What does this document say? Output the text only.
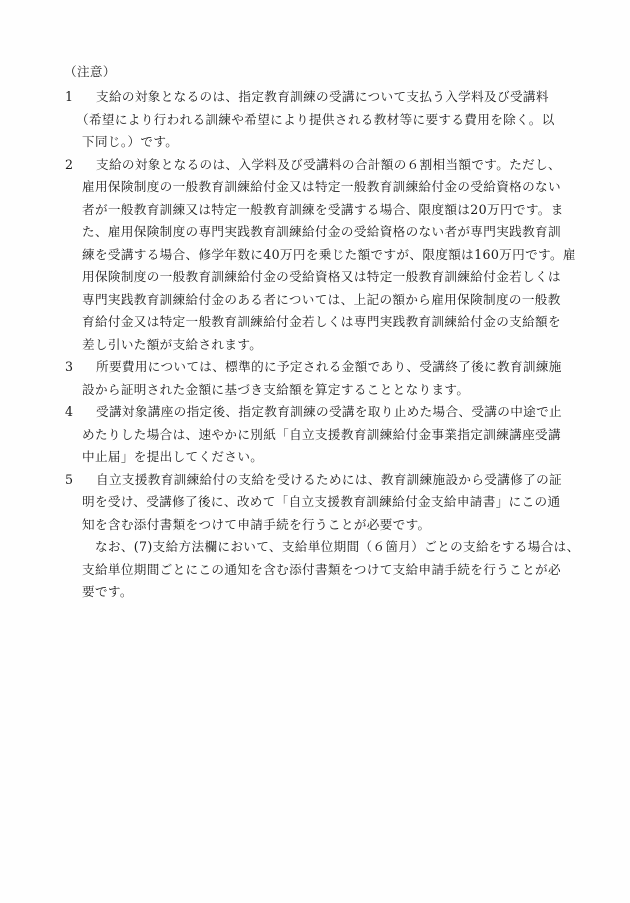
（注意）
1 支給の対象となるのは、指定教育訓練の受講について支払う入学料及び受講料
（希望により行われる訓練や希望により提供される教材等に要する費用を除く。以
下同じ。）です。
2 支給の対象となるのは、入学料及び受講料の合計額の６割相当額です。ただし、
雇用保険制度の一般教育訓練給付金又は特定一般教育訓練給付金の受給資格のない
者が一般教育訓練又は特定一般教育訓練を受講する場合、限度額は20万円です。ま
た、雇用保険制度の専門実践教育訓練給付金の受給資格のない者が専門実践教育訓
練を受講する場合、修学年数に40万円を乗じた額ですが、限度額は160万円です。雇
用保険制度の一般教育訓練給付金の受給資格又は特定一般教育訓練給付金若しくは
専門実践教育訓練給付金のある者については、上記の額から雇用保険制度の一般教
育給付金又は特定一般教育訓練給付金若しくは専門実践教育訓練給付金の支給額を
差し引いた額が支給されます。
3 所要費用については、標準的に予定される金額であり、受講終了後に教育訓練施
設から証明された金額に基づき支給額を算定することとなります。
4 受講対象講座の指定後、指定教育訓練の受講を取り止めた場合、受講の中途で止
めたりした場合は、速やかに別紙「自立支援教育訓練給付金事業指定訓練講座受講
中止届」を提出してください。
5 自立支援教育訓練給付の支給を受けるためには、教育訓練施設から受講修了の証
明を受け、受講修了後に、改めて「自立支援教育訓練給付金支給申請書」にこの通
知を含む添付書類をつけて申請手続を行うことが必要です。
　なお、(7)支給方法欄において、支給単位期間（６箇月）ごとの支給をする場合は、
支給単位期間ごとにこの通知を含む添付書類をつけて支給申請手続を行うことが必
要です。
